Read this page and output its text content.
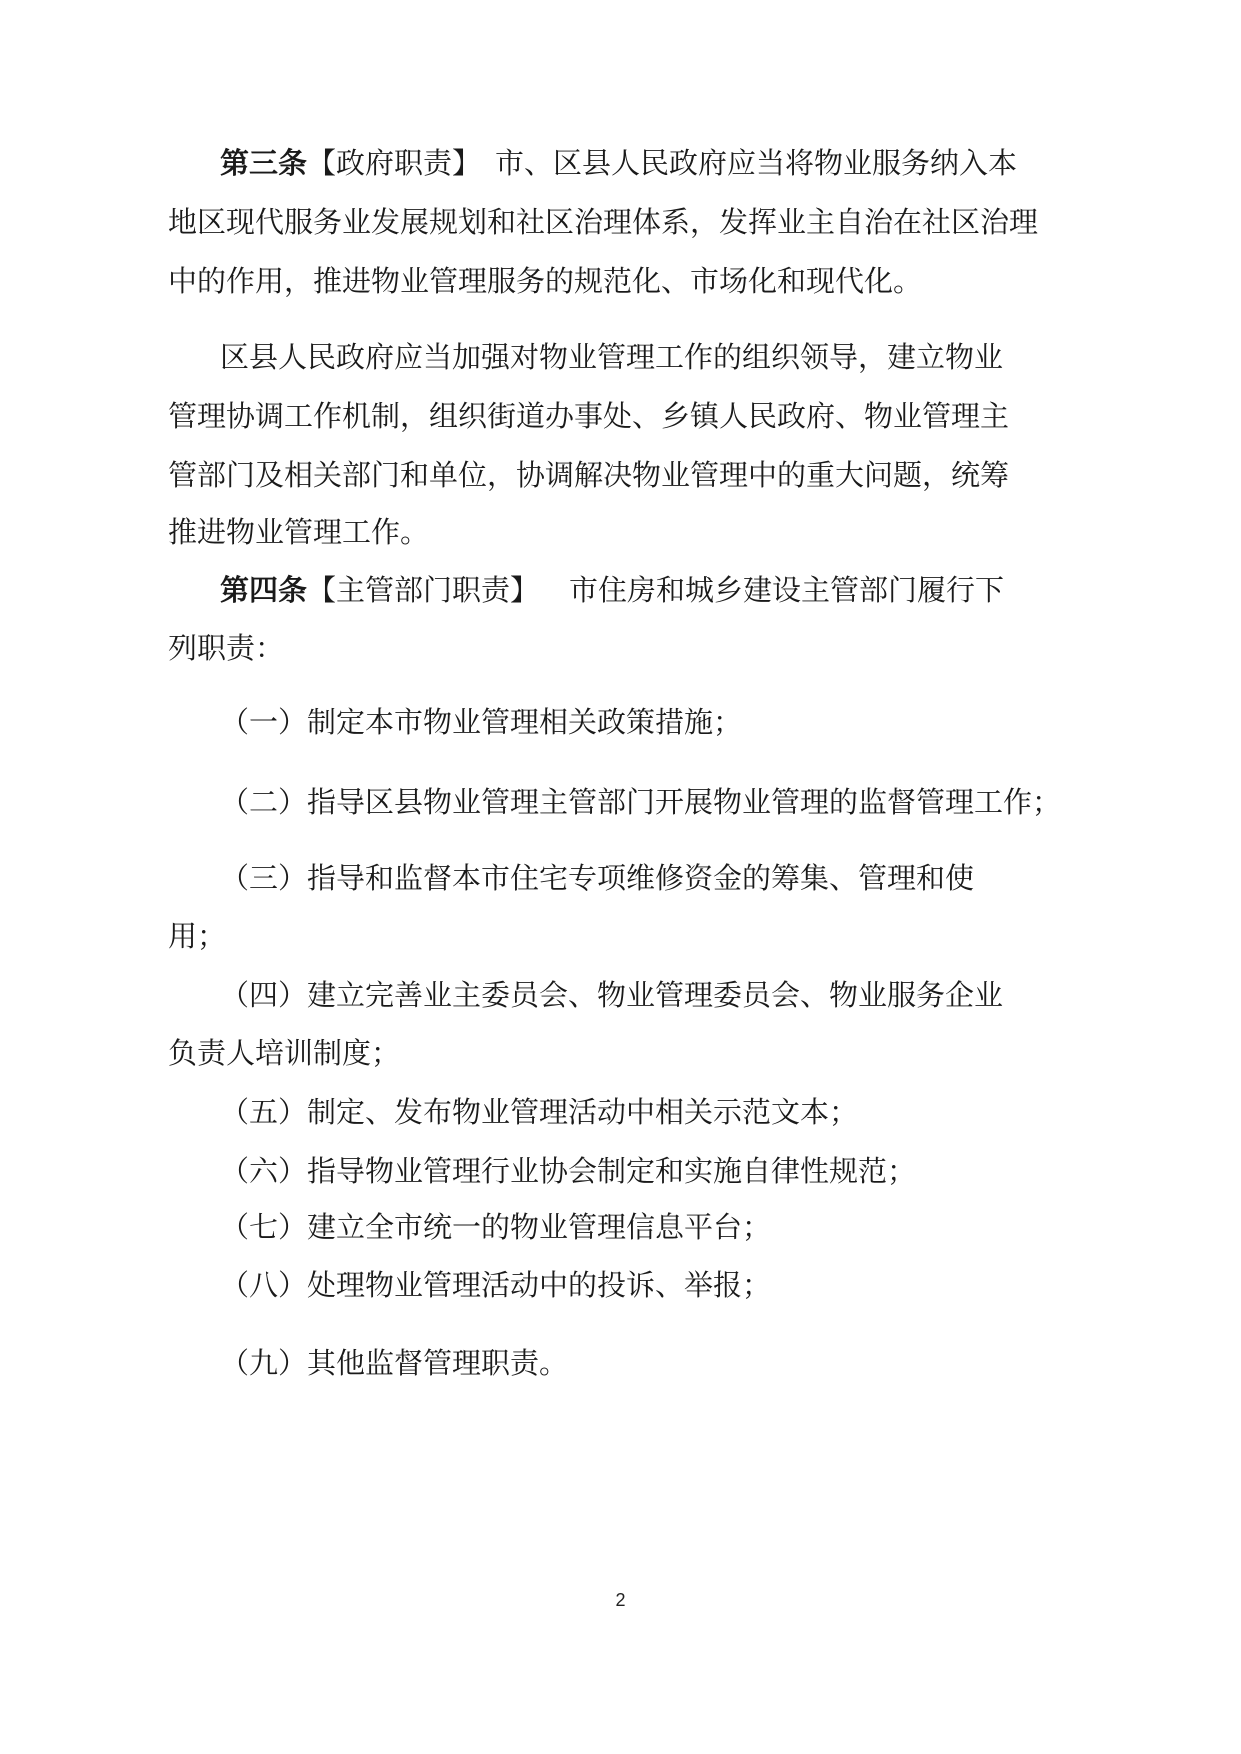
第三条【政府职责】 市、区县人民政府应当将物业服务纳入本
地区现代服务业发展规划和社区治理体系，发挥业主自治在社区治理
中的作用，推进物业管理服务的规范化、市场化和现代化。
区县人民政府应当加强对物业管理工作的组织领导，建立物业
管理协调工作机制，组织街道办事处、乡镇人民政府、物业管理主
管部门及相关部门和单位，协调解决物业管理中的重大问题，统筹
推进物业管理工作。
第四条【主管部门职责】 市住房和城乡建设主管部门履行下
列职责：
（一）制定本市物业管理相关政策措施；
（二）指导区县物业管理主管部门开展物业管理的监督管理工作；
（三）指导和监督本市住宅专项维修资金的筹集、管理和使
用；
（四）建立完善业主委员会、物业管理委员会、物业服务企业
负责人培训制度；
（五）制定、发布物业管理活动中相关示范文本；
（六）指导物业管理行业协会制定和实施自律性规范；
（七）建立全市统一的物业管理信息平台；
（八）处理物业管理活动中的投诉、举报；
（九）其他监督管理职责。
2
